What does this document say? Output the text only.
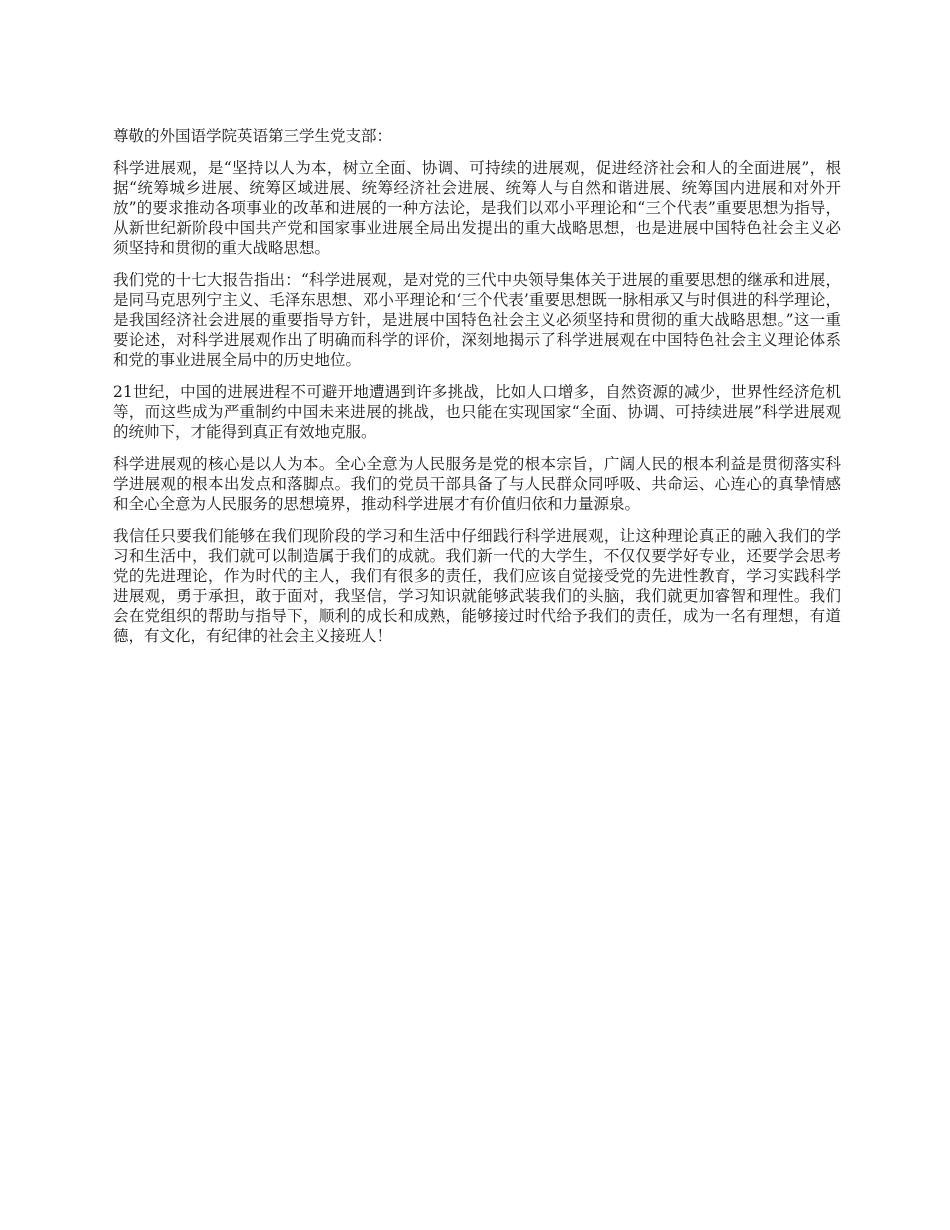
尊敬的外国语学院英语第三学生党支部：

科学进展观，是“坚持以人为本，树立全面、协调、可持续的进展观，促进经济社会和人的全面进展”，根据“统筹城乡进展、统筹区域进展、统筹经济社会进展、统筹人与自然和谐进展、统筹国内进展和对外开放”的要求推动各项事业的改革和进展的一种方法论，是我们以邓小平理论和“三个代表”重要思想为指导，从新世纪新阶段中国共产党和国家事业进展全局出发提出的重大战略思想，也是进展中国特色社会主义必须坚持和贯彻的重大战略思想。

我们党的十七大报告指出：“科学进展观，是对党的三代中央领导集体关于进展的重要思想的继承和进展，是同马克思列宁主义、毛泽东思想、邓小平理论和‘三个代表’重要思想既一脉相承又与时俱进的科学理论，是我国经济社会进展的重要指导方针，是进展中国特色社会主义必须坚持和贯彻的重大战略思想。”这一重要论述，对科学进展观作出了明确而科学的评价，深刻地揭示了科学进展观在中国特色社会主义理论体系和党的事业进展全局中的历史地位。

21世纪，中国的进展进程不可避开地遭遇到许多挑战，比如人口增多，自然资源的减少，世界性经济危机等，而这些成为严重制约中国未来进展的挑战，也只能在实现国家“全面、协调、可持续进展”科学进展观的统帅下，才能得到真正有效地克服。

科学进展观的核心是以人为本。全心全意为人民服务是党的根本宗旨，广阔人民的根本利益是贯彻落实科学进展观的根本出发点和落脚点。我们的党员干部具备了与人民群众同呼吸、共命运、心连心的真挚情感和全心全意为人民服务的思想境界，推动科学进展才有价值归依和力量源泉。

我信任只要我们能够在我们现阶段的学习和生活中仔细践行科学进展观，让这种理论真正的融入我们的学习和生活中，我们就可以制造属于我们的成就。我们新一代的大学生，不仅仅要学好专业，还要学会思考党的先进理论，作为时代的主人，我们有很多的责任，我们应该自觉接受党的先进性教育，学习实践科学进展观，勇于承担，敢于面对，我坚信，学习知识就能够武装我们的头脑，我们就更加睿智和理性。我们会在党组织的帮助与指导下，顺利的成长和成熟，能够接过时代给予我们的责任，成为一名有理想，有道德，有文化，有纪律的社会主义接班人！
